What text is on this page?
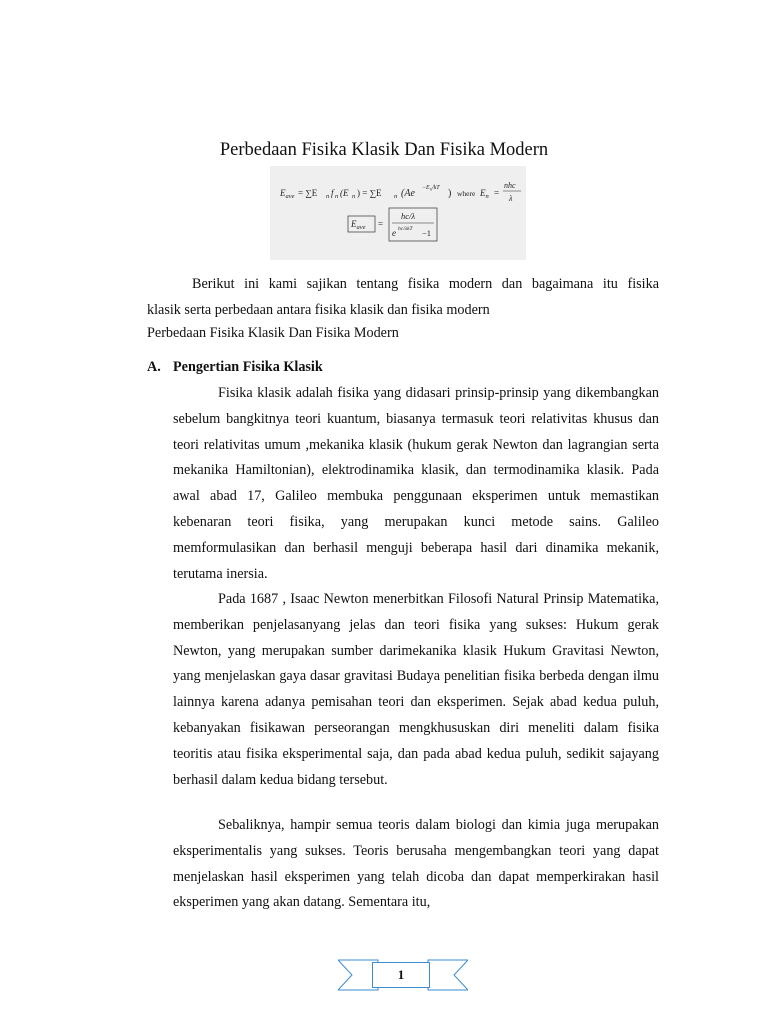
Perbedaan Fisika Klasik Dan Fisika Modern
$E_{ave} = \sum E$ n f n (E n ) = ∑E n ($Ae -E_n/kT$ ) where $E_n$ =
nhc
λ
$E_{ave}$ =
hc/λ
e hc/λkT −1
Berikut ini kami sajikan tentang fisika modern dan bagaimana itu fisika
klasik serta perbedaan antara fisika klasik dan fisika modern
Perbedaan Fisika Klasik Dan Fisika Modern
A. Pengertian Fisika Klasik
Fisika klasik adalah fisika yang didasari prinsip-prinsip yang dikembangkan sebelum bangkitnya teori kuantum, biasanya termasuk teori relativitas khusus dan teori relativitas umum ,mekanika klasik (hukum gerak Newton dan lagrangian serta mekanika Hamiltonian), elektrodinamika klasik, dan termodinamika klasik. Pada awal abad 17, Galileo membuka penggunaan eksperimen untuk memastikan kebenaran teori fisika, yang merupakan kunci metode sains. Galileo memformulasikan dan berhasil menguji beberapa hasil dari dinamika mekanik, terutama inersia.
Pada 1687 , Isaac Newton menerbitkan Filosofi Natural Prinsip Matematika, memberikan penjelasanyang jelas dan teori fisika yang sukses: Hukum gerak Newton, yang merupakan sumber darimekanika klasik Hukum Gravitasi Newton, yang menjelaskan gaya dasar gravitasi Budaya penelitian fisika berbeda dengan ilmu lainnya karena adanya pemisahan teori dan eksperimen. Sejak abad kedua puluh, kebanyakan fisikawan perseorangan mengkhususkan diri meneliti dalam fisika teoritis atau fisika eksperimental saja, dan pada abad kedua puluh, sedikit sajayang berhasil dalam kedua bidang tersebut.
Sebaliknya, hampir semua teoris dalam biologi dan kimia juga merupakan eksperimentalis yang sukses. Teoris berusaha mengembangkan teori yang dapat menjelaskan hasil eksperimen yang telah dicoba dan dapat memperkirakan hasil eksperimen yang akan datang. Sementara itu,
1
